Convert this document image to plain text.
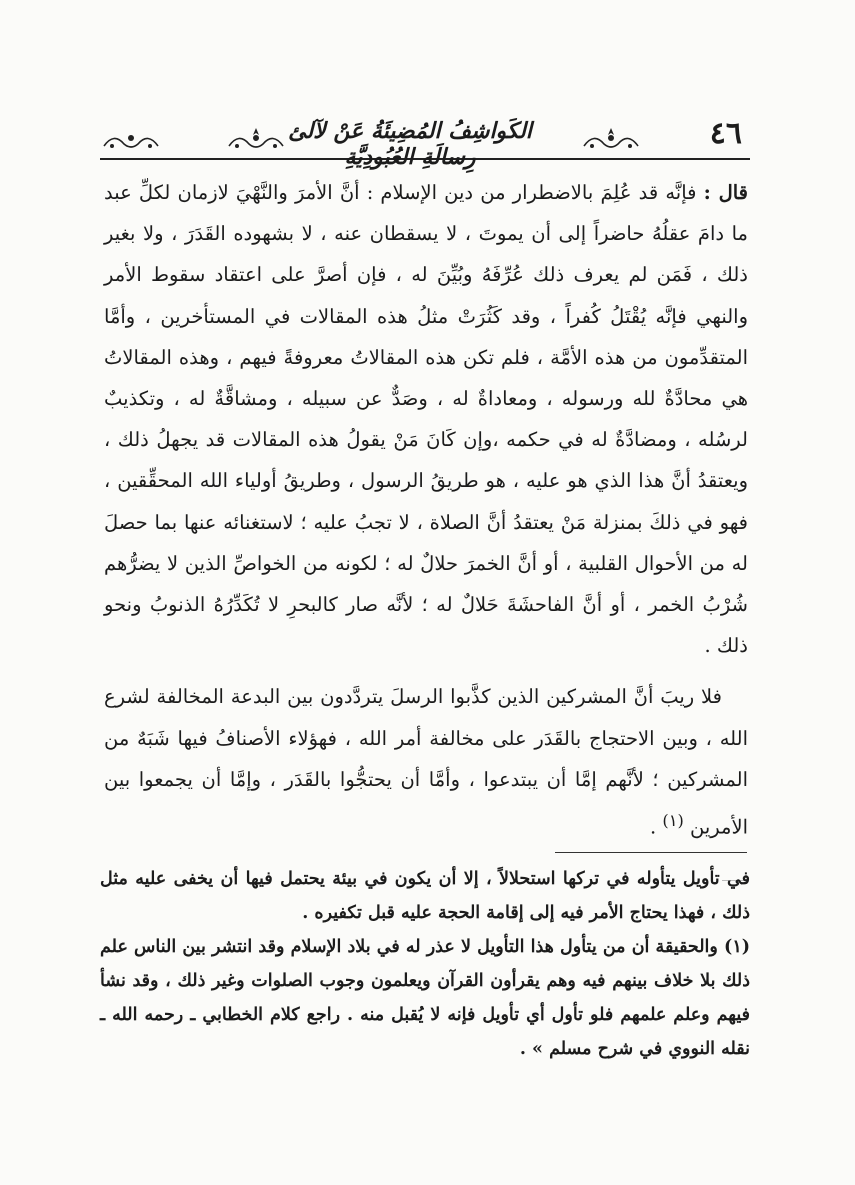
٤٦
الكَواشِفُ المُضِيئَةُ عَنْ لآلئ رِسالَةِ العُبُودِيَّةِ

قال : فإنَّه قد عُلِمَ بالاضطرار من دين الإسلام : أنَّ الأمرَ والنَّهْيَ لازمان لكلِّ عبد ما دامَ عقلُهُ حاضراً إلى أن يموتَ ، لا يسقطان عنه ، لا بشهوده القَدَرَ ، ولا بغير ذلك ، فَمَن لم يعرف ذلك عُرِّفَهُ وبُيِّنَ له ، فإن أصرَّ على اعتقاد سقوط الأمر والنهي فإنَّه يُقْتَلُ كُفراً ، وقد كَثُرَتْ مثلُ هذه المقالات في المستأخرين ، وأمَّا المتقدِّمون من هذه الأمَّة ، فلم تكن هذه المقالاتُ معروفةً فيهم ، وهذه المقالاتُ هي محادَّةٌ لله ورسوله ، ومعاداةٌ له ، وصَدٌّ عن سبيله ، ومشاقَّةٌ له ، وتكذيبٌ لرسُله ، ومضادَّةٌ له في حكمه ،وإن كَانَ مَنْ يقولُ هذه المقالات قد يجهلُ ذلك ، ويعتقدُ أنَّ هذا الذي هو عليه ، هو طريقُ الرسول ، وطريقُ أولياء الله المحقِّقين ، فهو في ذلكَ بمنزلة مَنْ يعتقدُ أنَّ الصلاة ، لا تجبُ عليه ؛ لاستغنائه عنها بما حصلَ له من الأحوال القلبية ، أو أنَّ الخمرَ حلالٌ له ؛ لكونه من الخواصِّ الذين لا يضرُّهم شُرْبُ الخمر ، أو أنَّ الفاحشَةَ حَلالٌ له ؛ لأنَّه صار كالبحرِ لا تُكَدِّرُهُ الذنوبُ ونحو ذلك .

فلا ريبَ أنَّ المشركين الذين كذَّبوا الرسلَ يتردَّدون بين البدعة المخالفة لشرع الله ، وبين الاحتجاج بالقَدَر على مخالفة أمر الله ، فهؤلاء الأصنافُ فيها شَبَهٌ من المشركين ؛ لأنَّهم إمَّا أن يبتدعوا ، وأمَّا أن يحتجُّوا بالقَدَر ، وإمَّا أن يجمعوا بين الأمرين $^{(١)}$ .

في تأويل يتأوله في تركها استحلالاً ، إلا أن يكون في بيئة يحتمل فيها أن يخفى عليه مثل ذلك ، فهذا يحتاج الأمر فيه إلى إقامة الحجة عليه قبل تكفيره .

(١) والحقيقة أن من يتأول هذا التأويل لا عذر له في بلاد الإسلام وقد انتشر بين الناس علم ذلك بلا خلاف بينهم فيه وهم يقرأون القرآن ويعلمون وجوب الصلوات وغير ذلك ، وقد نشأ فيهم وعلم علمهم فلو تأول أي تأويل فإنه لا يُقبل منه . راجع كلام الخطابي ـ رحمه الله ـ نقله النووي في شرح مسلم » .
